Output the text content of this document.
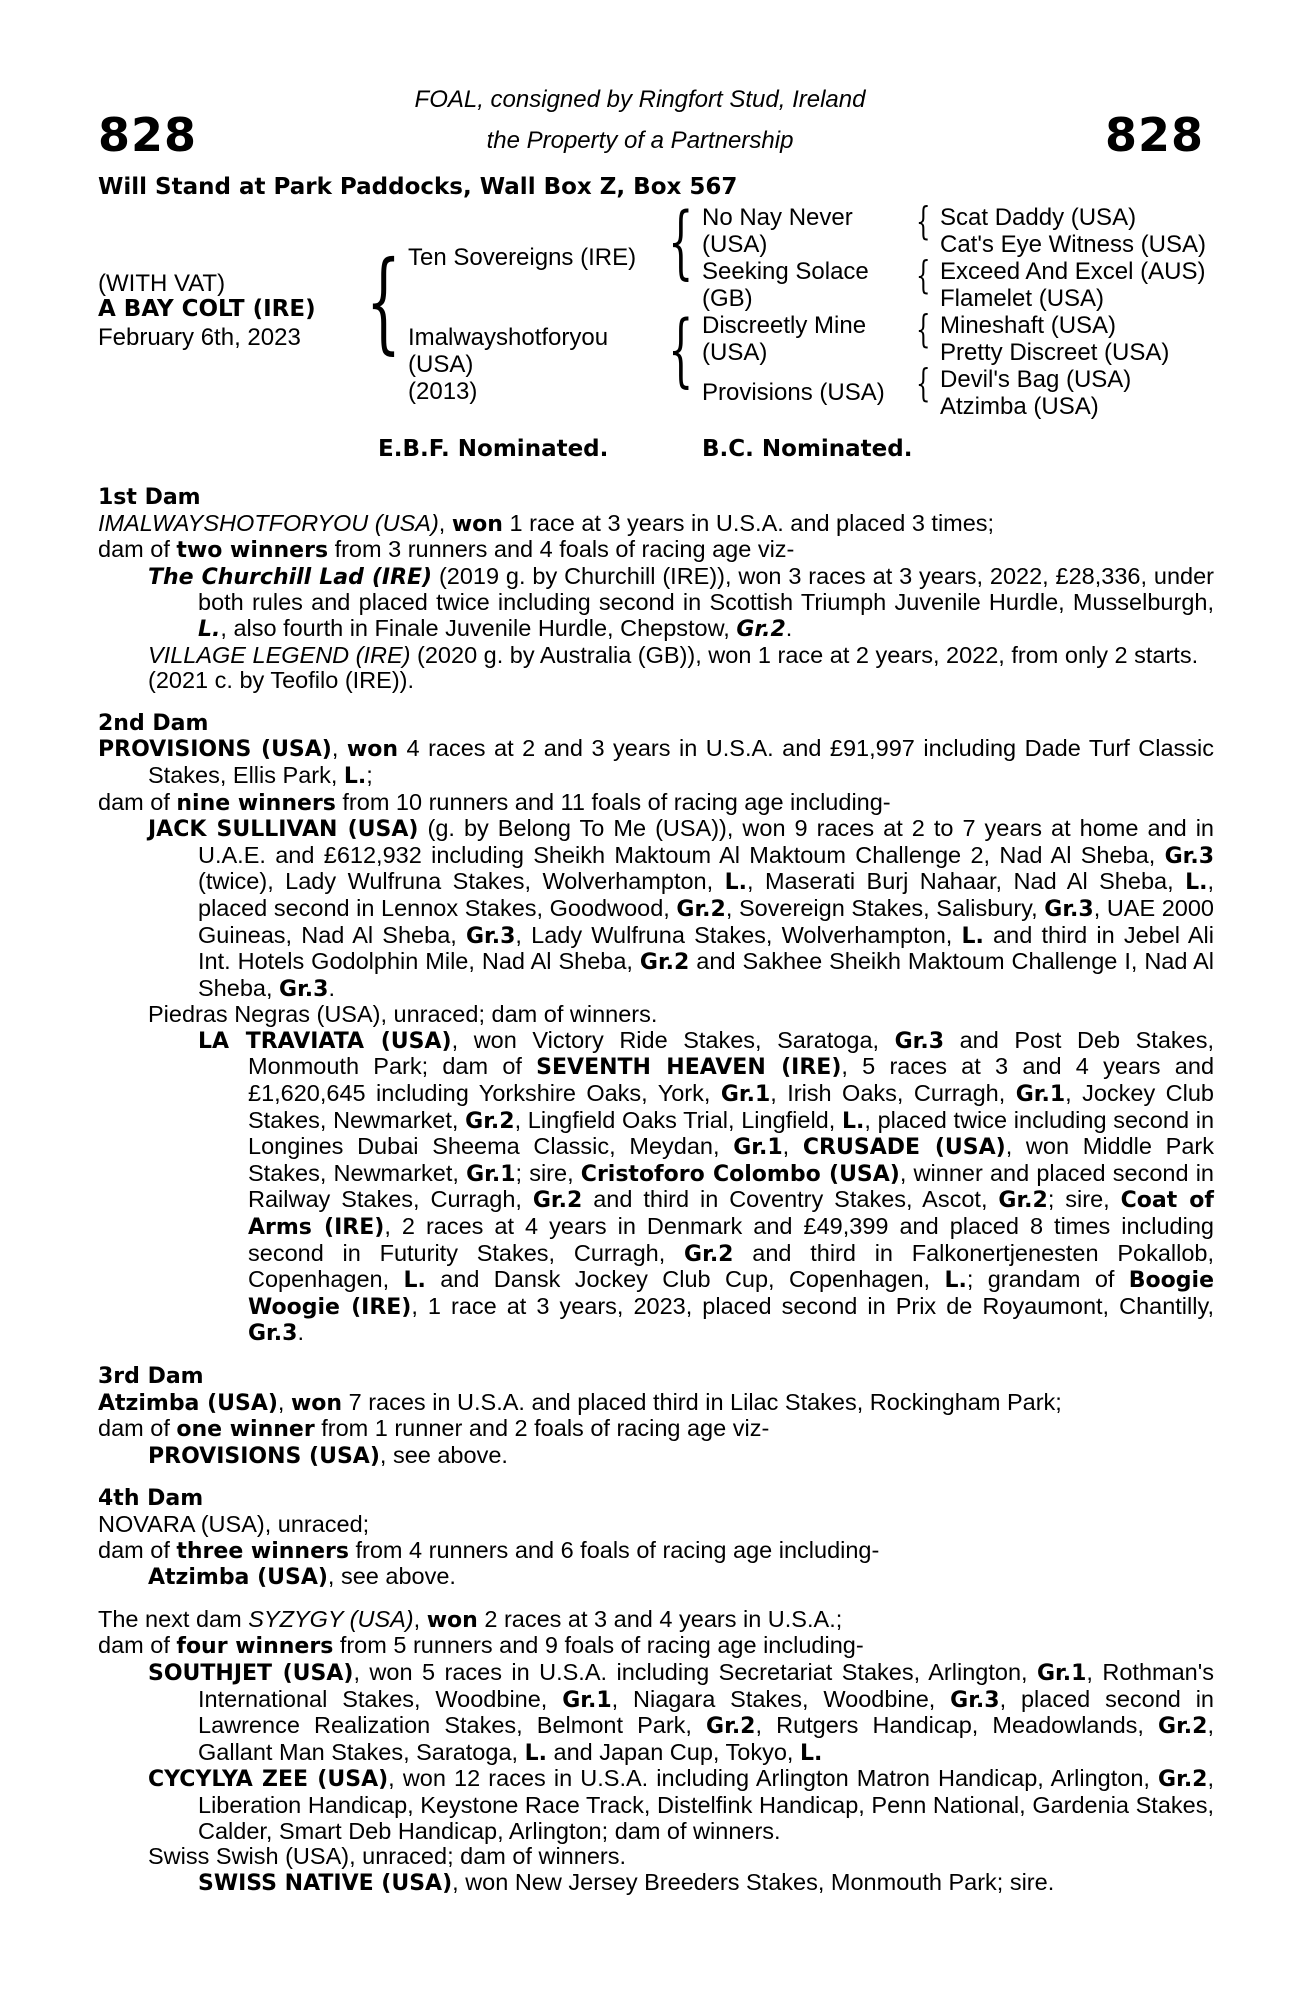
828	828
FOAL, consigned by Ringfort Stud, Ireland
the Property of a Partnership
Will Stand at Park Paddocks, Wall Box Z, Box 567
(WITH VAT)
A BAY COLT (IRE)
February 6th, 2023 { Ten Sovereigns (IRE)
Imalwayshotforyou
(USA)
(2013)
{
{
No Nay Never
(USA)
Seeking Solace
(GB)
Discreetly Mine
(USA)
Provisions (USA)
{
{
{
{
Scat Daddy (USA)
Cat's Eye Witness (USA)
Exceed And Excel (AUS)
Flamelet (USA)
Mineshaft (USA)
Pretty Discreet (USA)
Devil's Bag (USA)
Atzimba (USA)
E.B.F. Nominated.	B.C. Nominated.

1st Dam

IMALWAYSHOTFORYOU (USA), won 1 race at 3 years in U.S.A. and placed 3 times;

dam of two winners from 3 runners and 4 foals of racing age viz-

The Churchill Lad (IRE) (2019 g. by Churchill (IRE)), won 3 races at 3 years, 2022, £28,336, under both rules and placed twice including second in Scottish Triumph Juvenile Hurdle, Musselburgh, L., also fourth in Finale Juvenile Hurdle, Chepstow, Gr.2.

VILLAGE LEGEND (IRE) (2020 g. by Australia (GB)), won 1 race at 2 years, 2022, from only 2 starts.

(2021 c. by Teofilo (IRE)).

2nd Dam

PROVISIONS (USA), won 4 races at 2 and 3 years in U.S.A. and £91,997 including Dade Turf Classic Stakes, Ellis Park, L.;

dam of nine winners from 10 runners and 11 foals of racing age including-

JACK SULLIVAN (USA) (g. by Belong To Me (USA)), won 9 races at 2 to 7 years at home and in U.A.E. and £612,932 including Sheikh Maktoum Al Maktoum Challenge 2, Nad Al Sheba, Gr.3 (twice), Lady Wulfruna Stakes, Wolverhampton, L., Maserati Burj Nahaar, Nad Al Sheba, L., placed second in Lennox Stakes, Goodwood, Gr.2, Sovereign Stakes, Salisbury, Gr.3, UAE 2000 Guineas, Nad Al Sheba, Gr.3, Lady Wulfruna Stakes, Wolverhampton, L. and third in Jebel Ali Int. Hotels Godolphin Mile, Nad Al Sheba, Gr.2 and Sakhee Sheikh Maktoum Challenge I, Nad Al Sheba, Gr.3.

Piedras Negras (USA), unraced; dam of winners.

LA TRAVIATA (USA), won Victory Ride Stakes, Saratoga, Gr.3 and Post Deb Stakes, Monmouth Park; dam of SEVENTH HEAVEN (IRE), 5 races at 3 and 4 years and £1,620,645 including Yorkshire Oaks, York, Gr.1, Irish Oaks, Curragh, Gr.1, Jockey Club Stakes, Newmarket, Gr.2, Lingfield Oaks Trial, Lingfield, L., placed twice including second in Longines Dubai Sheema Classic, Meydan, Gr.1, CRUSADE (USA), won Middle Park Stakes, Newmarket, Gr.1; sire, Cristoforo Colombo (USA), winner and placed second in Railway Stakes, Curragh, Gr.2 and third in Coventry Stakes, Ascot, Gr.2; sire, Coat of Arms (IRE), 2 races at 4 years in Denmark and £49,399 and placed 8 times including second in Futurity Stakes, Curragh, Gr.2 and third in Falkonertjenesten Pokallob, Copenhagen, L. and Dansk Jockey Club Cup, Copenhagen, L.; grandam of Boogie Woogie (IRE), 1 race at 3 years, 2023, placed second in Prix de Royaumont, Chantilly, Gr.3.

3rd Dam

Atzimba (USA), won 7 races in U.S.A. and placed third in Lilac Stakes, Rockingham Park;

dam of one winner from 1 runner and 2 foals of racing age viz-

PROVISIONS (USA), see above.

4th Dam

NOVARA (USA), unraced;

dam of three winners from 4 runners and 6 foals of racing age including-

Atzimba (USA), see above.

The next dam SYZYGY (USA), won 2 races at 3 and 4 years in U.S.A.;

dam of four winners from 5 runners and 9 foals of racing age including-

SOUTHJET (USA), won 5 races in U.S.A. including Secretariat Stakes, Arlington, Gr.1, Rothman's International Stakes, Woodbine, Gr.1, Niagara Stakes, Woodbine, Gr.3, placed second in Lawrence Realization Stakes, Belmont Park, Gr.2, Rutgers Handicap, Meadowlands, Gr.2, Gallant Man Stakes, Saratoga, L. and Japan Cup, Tokyo, L.

CYCYLYA ZEE (USA), won 12 races in U.S.A. including Arlington Matron Handicap, Arlington, Gr.2, Liberation Handicap, Keystone Race Track, Distelfink Handicap, Penn National, Gardenia Stakes, Calder, Smart Deb Handicap, Arlington; dam of winners.

Swiss Swish (USA), unraced; dam of winners.

SWISS NATIVE (USA), won New Jersey Breeders Stakes, Monmouth Park; sire.
